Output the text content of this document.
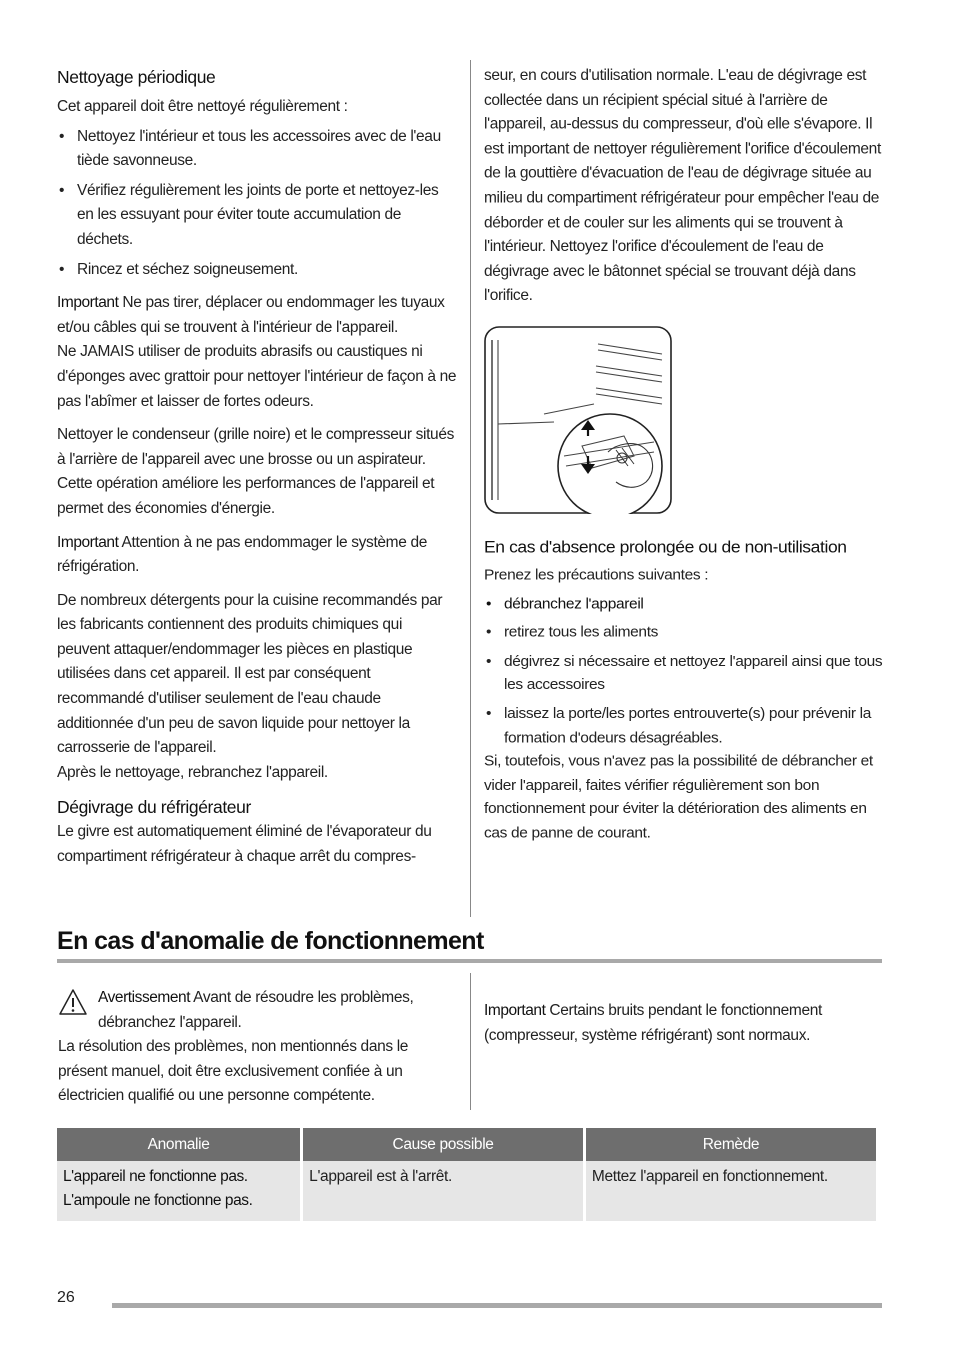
Nettoyage périodique

Cet appareil doit être nettoyé régulièrement :

• Nettoyez l'intérieur et tous les accessoires avec de l'eau tiède savonneuse.
• Vérifiez régulièrement les joints de porte et nettoyez-les en les essuyant pour éviter toute accumulation de déchets.
• Rincez et séchez soigneusement.

Important Ne pas tirer, déplacer ou endommager les tuyaux et/ou câbles qui se trouvent à l'intérieur de l'appareil.

Ne JAMAIS utiliser de produits abrasifs ou caustiques ni d'éponges avec grattoir pour nettoyer l'intérieur de façon à ne pas l'abîmer et laisser de fortes odeurs.

Nettoyer le condenseur (grille noire) et le compresseur situés à l'arrière de l'appareil avec une brosse ou un aspirateur. Cette opération améliore les performances de l'appareil et permet des économies d'énergie.

Important Attention à ne pas endommager le système de réfrigération.

De nombreux détergents pour la cuisine recommandés par les fabricants contiennent des produits chimiques qui peuvent attaquer/endommager les pièces en plastique utilisées dans cet appareil. Il est par conséquent recommandé d'utiliser seulement de l'eau chaude additionnée d'un peu de savon liquide pour nettoyer la carrosserie de l'appareil.

Après le nettoyage, rebranchez l'appareil.

Dégivrage du réfrigérateur

Le givre est automatiquement éliminé de l'évaporateur du compartiment réfrigérateur à chaque arrêt du compres-

seur, en cours d'utilisation normale. L'eau de dégivrage est collectée dans un récipient spécial situé à l'arrière de l'appareil, au-dessus du compresseur, d'où elle s'évapore. Il est important de nettoyer régulièrement l'orifice d'écoulement de la gouttière d'évacuation de l'eau de dégivrage située au milieu du compartiment réfrigérateur pour empêcher l'eau de déborder et de couler sur les aliments qui se trouvent à l'intérieur. Nettoyez l'orifice d'écoulement de l'eau de dégivrage avec le bâtonnet spécial se trouvant déjà dans l'orifice.

En cas d'absence prolongée ou de non-utilisation

Prenez les précautions suivantes :

• débranchez l'appareil
• retirez tous les aliments
• dégivrez si nécessaire et nettoyez l'appareil ainsi que tous les accessoires
• laissez la porte/les portes entrouverte(s) pour prévenir la formation d'odeurs désagréables.

Si, toutefois, vous n'avez pas la possibilité de débrancher et vider l'appareil, faites vérifier régulièrement son bon fonctionnement pour éviter la détérioration des aliments en cas de panne de courant.

En cas d'anomalie de fonctionnement

Avertissement Avant de résoudre les problèmes, débranchez l'appareil.

La résolution des problèmes, non mentionnés dans le présent manuel, doit être exclusivement confiée à un électricien qualifié ou une personne compétente.

Important Certains bruits pendant le fonctionnement (compresseur, système réfrigérant) sont normaux.

Anomalie	Cause possible	Remède

L'appareil ne fonctionne pas.
L'ampoule ne fonctionne pas.	L'appareil est à l'arrêt.	Mettez l'appareil en fonctionnement.
26
